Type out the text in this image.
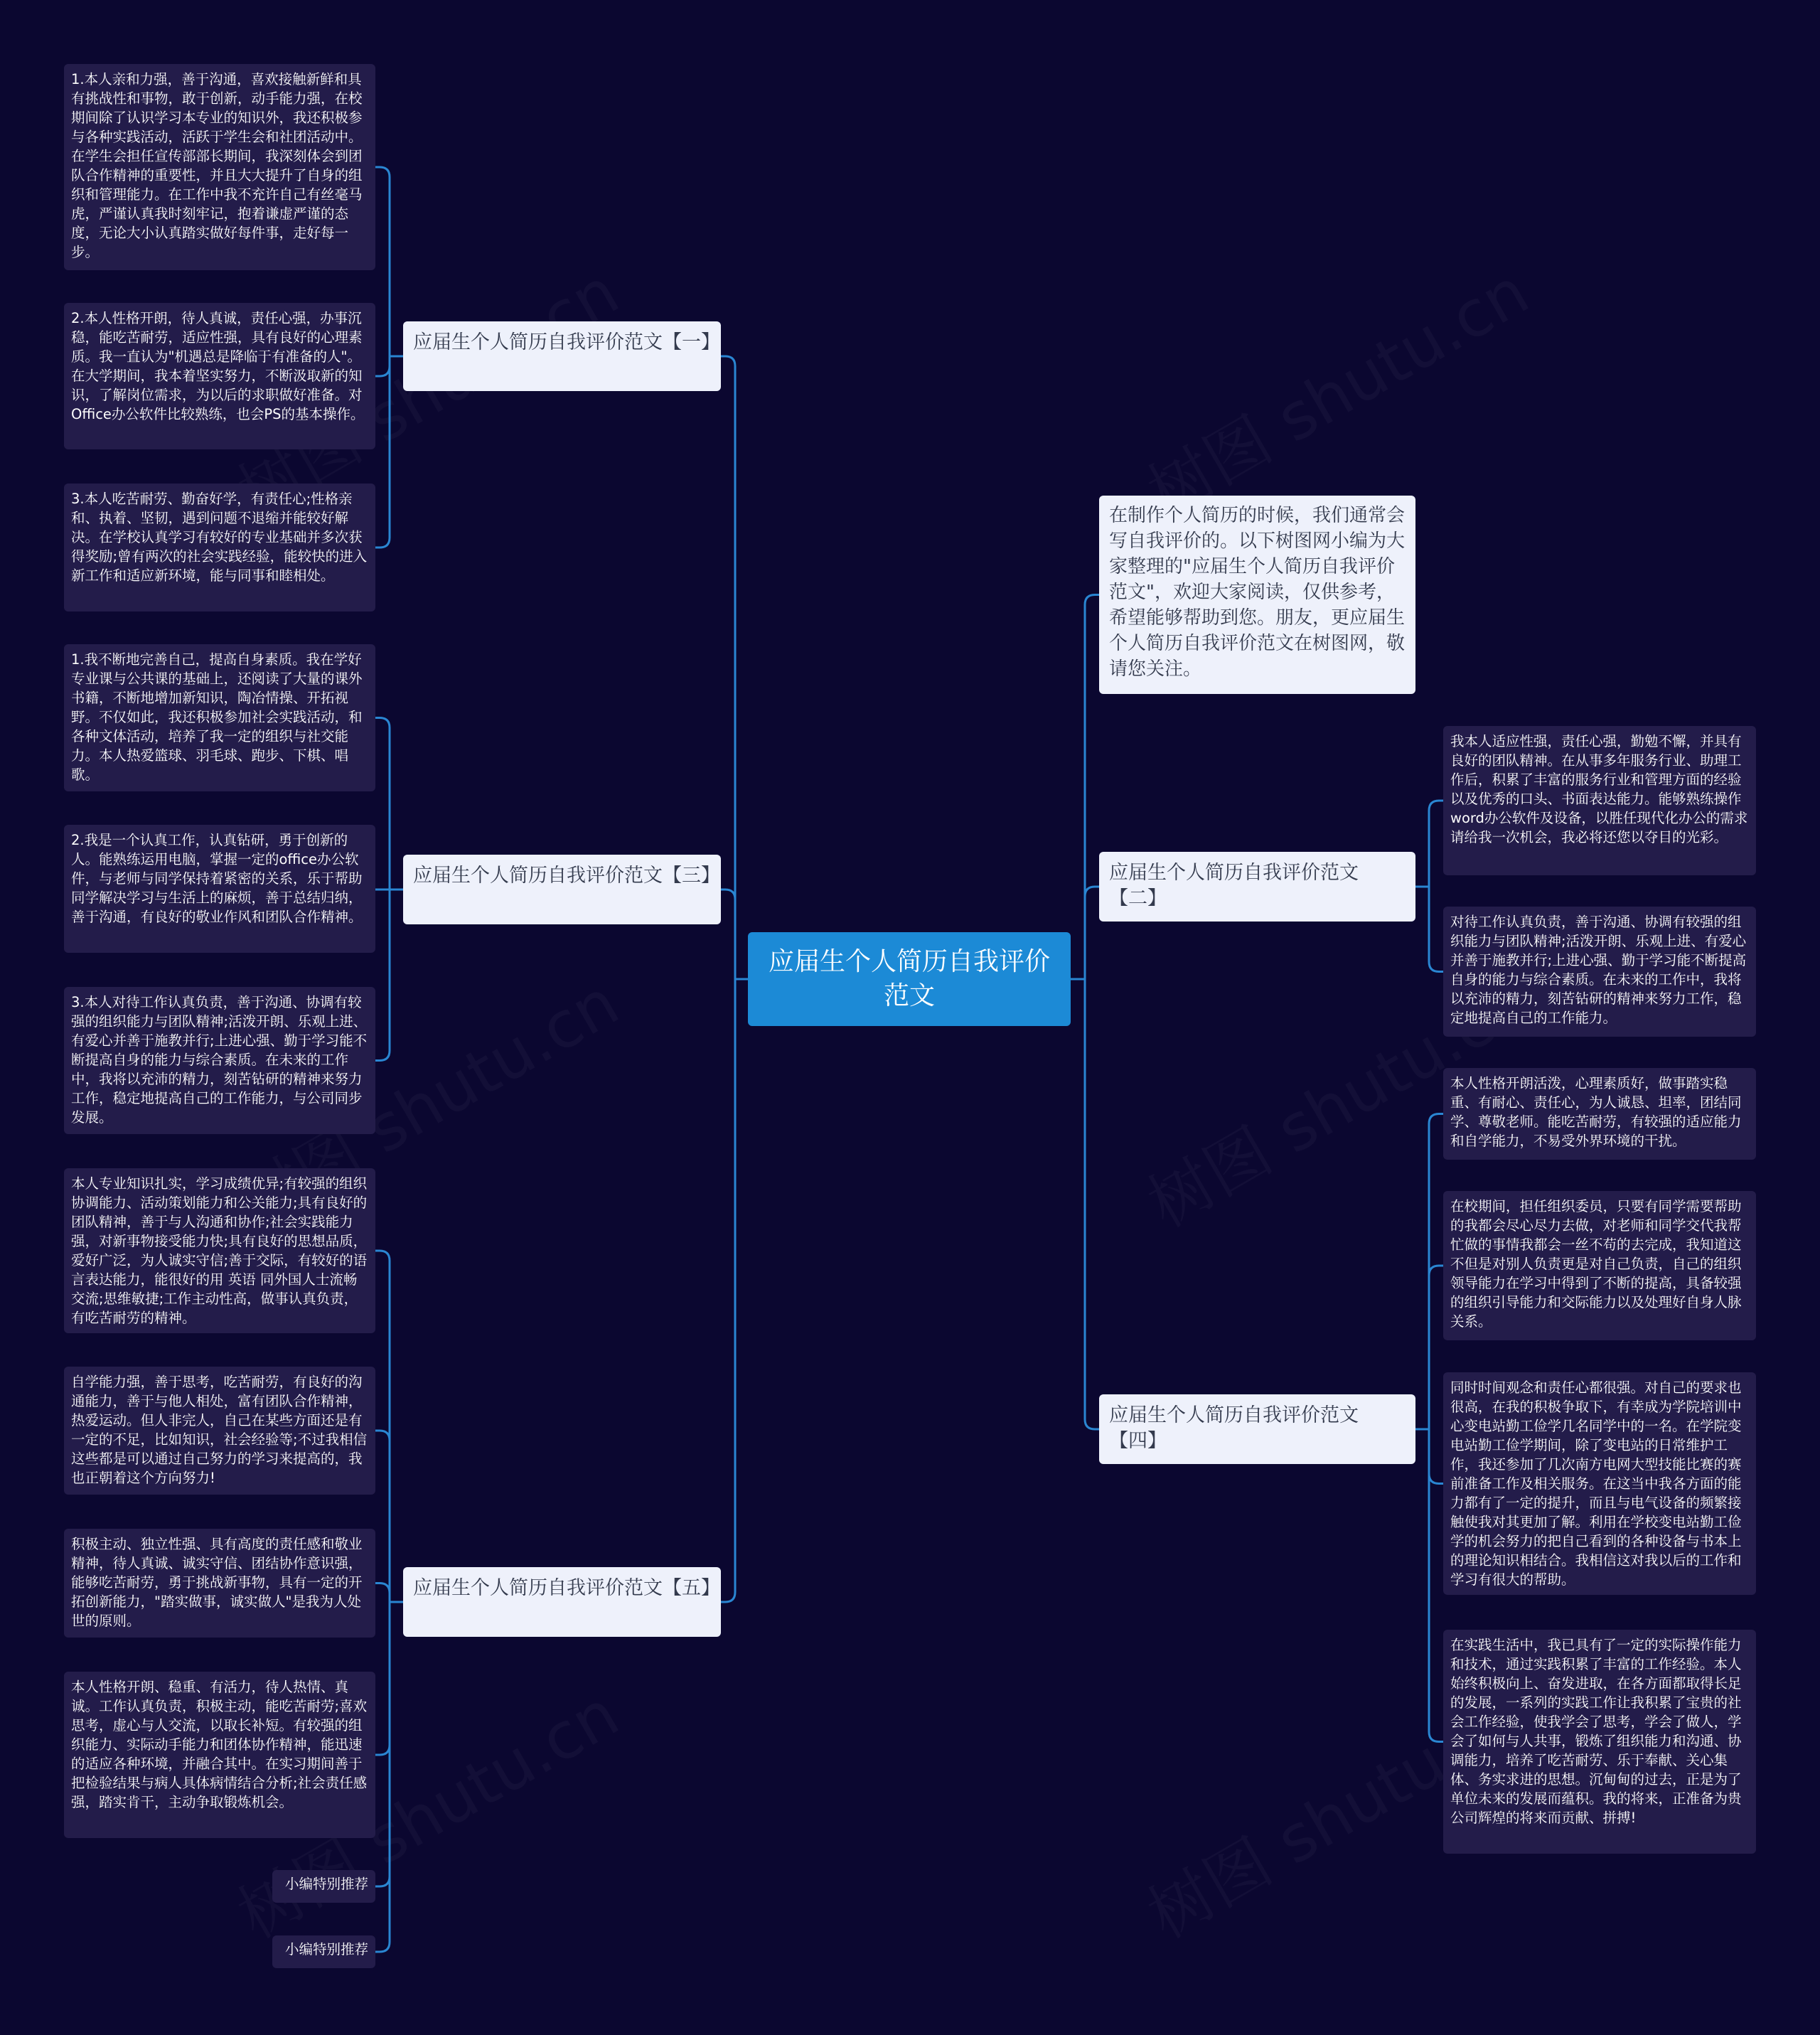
应届生个人简历自我评价范文
在制作个人简历的时候，我们通常会写自我评价的。以下树图网小编为大家整理的"应届生个人简历自我评价范文"，欢迎大家阅读，仅供参考，希望能够帮助到您。朋友，更应届生个人简历自我评价范文在树图网，敬请您关注。
应届生个人简历自我评价范文【一】
应届生个人简历自我评价范文【三】
应届生个人简历自我评价范文【五】
应届生个人简历自我评价范文【二】
应届生个人简历自我评价范文【四】
1.本人亲和力强，善于沟通，喜欢接触新鲜和具有挑战性和事物，敢于创新，动手能力强，在校期间除了认识学习本专业的知识外，我还积极参与各种实践活动，活跃于学生会和社团活动中。在学生会担任宣传部部长期间，我深刻体会到团队合作精神的重要性，并且大大提升了自身的组织和管理能力。在工作中我不充许自己有丝毫马虎，严谨认真我时刻牢记，抱着谦虚严谨的态度，无论大小认真踏实做好每件事，走好每一步。
2.本人性格开朗，待人真诚，责任心强，办事沉稳，能吃苦耐劳，适应性强，具有良好的心理素质。我一直认为"机遇总是降临于有准备的人"。在大学期间，我本着坚实努力，不断汲取新的知识，了解岗位需求，为以后的求职做好准备。对Office办公软件比较熟练，也会PS的基本操作。
3.本人吃苦耐劳、勤奋好学，有责任心;性格亲和、执着、坚韧，遇到问题不退缩并能较好解决。在学校认真学习有较好的专业基础并多次获得奖励;曾有两次的社会实践经验，能较快的进入新工作和适应新环境，能与同事和睦相处。
1.我不断地完善自己，提高自身素质。我在学好专业课与公共课的基础上，还阅读了大量的课外书籍，不断地增加新知识，陶冶情操、开拓视野。不仅如此，我还积极参加社会实践活动，和各种文体活动，培养了我一定的组织与社交能力。本人热爱篮球、羽毛球、跑步、下棋、唱歌。
2.我是一个认真工作，认真钻研，勇于创新的人。能熟练运用电脑，掌握一定的office办公软件，与老师与同学保持着紧密的关系，乐于帮助同学解决学习与生活上的麻烦，善于总结归纳，善于沟通，有良好的敬业作风和团队合作精神。
3.本人对待工作认真负责，善于沟通、协调有较强的组织能力与团队精神;活泼开朗、乐观上进、有爱心并善于施教并行;上进心强、勤于学习能不断提高自身的能力与综合素质。在未来的工作中，我将以充沛的精力，刻苦钻研的精神来努力工作，稳定地提高自己的工作能力，与公司同步发展。
本人专业知识扎实，学习成绩优异;有较强的组织协调能力、活动策划能力和公关能力;具有良好的团队精神，善于与人沟通和协作;社会实践能力强，对新事物接受能力快;具有良好的思想品质，爱好广泛，为人诚实守信;善于交际，有较好的语言表达能力，能很好的用 英语 同外国人士流畅交流;思维敏捷;工作主动性高，做事认真负责，有吃苦耐劳的精神。
自学能力强，善于思考，吃苦耐劳，有良好的沟通能力，善于与他人相处，富有团队合作精神，热爱运动。但人非完人，自己在某些方面还是有一定的不足，比如知识，社会经验等;不过我相信这些都是可以通过自己努力的学习来提高的，我也正朝着这个方向努力!
积极主动、独立性强、具有高度的责任感和敬业精神，待人真诚、诚实守信、团结协作意识强，能够吃苦耐劳，勇于挑战新事物，具有一定的开拓创新能力，"踏实做事，诚实做人"是我为人处世的原则。
本人性格开朗、稳重、有活力，待人热情、真诚。工作认真负责，积极主动，能吃苦耐劳;喜欢思考，虚心与人交流，以取长补短。有较强的组织能力、实际动手能力和团体协作精神，能迅速的适应各种环境，并融合其中。在实习期间善于把检验结果与病人具体病情结合分析;社会责任感强，踏实肯干，主动争取锻炼机会。
小编特别推荐
小编特别推荐
我本人适应性强，责任心强，勤勉不懈，并具有良好的团队精神。在从事多年服务行业、助理工作后，积累了丰富的服务行业和管理方面的经验以及优秀的口头、书面表达能力。能够熟练操作word办公软件及设备，以胜任现代化办公的需求请给我一次机会，我必将还您以夺目的光彩。
对待工作认真负责，善于沟通、协调有较强的组织能力与团队精神;活泼开朗、乐观上进、有爱心并善于施教并行;上进心强、勤于学习能不断提高自身的能力与综合素质。在未来的工作中，我将以充沛的精力，刻苦钻研的精神来努力工作，稳定地提高自己的工作能力。
本人性格开朗活泼，心理素质好，做事踏实稳重、有耐心、责任心，为人诚恳、坦率，团结同学、尊敬老师。能吃苦耐劳，有较强的适应能力和自学能力，不易受外界环境的干扰。
在校期间，担任组织委员，只要有同学需要帮助的我都会尽心尽力去做，对老师和同学交代我帮忙做的事情我都会一丝不苟的去完成，我知道这不但是对别人负责更是对自己负责，自己的组织领导能力在学习中得到了不断的提高，具备较强的组织引导能力和交际能力以及处理好自身人脉关系。
同时时间观念和责任心都很强。对自己的要求也很高，在我的积极争取下，有幸成为学院培训中心变电站勤工俭学几名同学中的一名。在学院变电站勤工俭学期间，除了变电站的日常维护工作，我还参加了几次南方电网大型技能比赛的赛前准备工作及相关服务。在这当中我各方面的能力都有了一定的提升，而且与电气设备的频繁接触使我对其更加了解。利用在学校变电站勤工俭学的机会努力的把自己看到的各种设备与书本上的理论知识相结合。我相信这对我以后的工作和学习有很大的帮助。
在实践生活中，我已具有了一定的实际操作能力和技术，通过实践积累了丰富的工作经验。本人始终积极向上、奋发进取，在各方面都取得长足的发展，一系列的实践工作让我积累了宝贵的社会工作经验，使我学会了思考，学会了做人，学会了如何与人共事，锻炼了组织能力和沟通、协调能力，培养了吃苦耐劳、乐于奉献、关心集体、务实求进的思想。沉甸甸的过去，正是为了单位未来的发展而蕴积。我的将来，正准备为贵公司辉煌的将来而贡献、拼搏!
